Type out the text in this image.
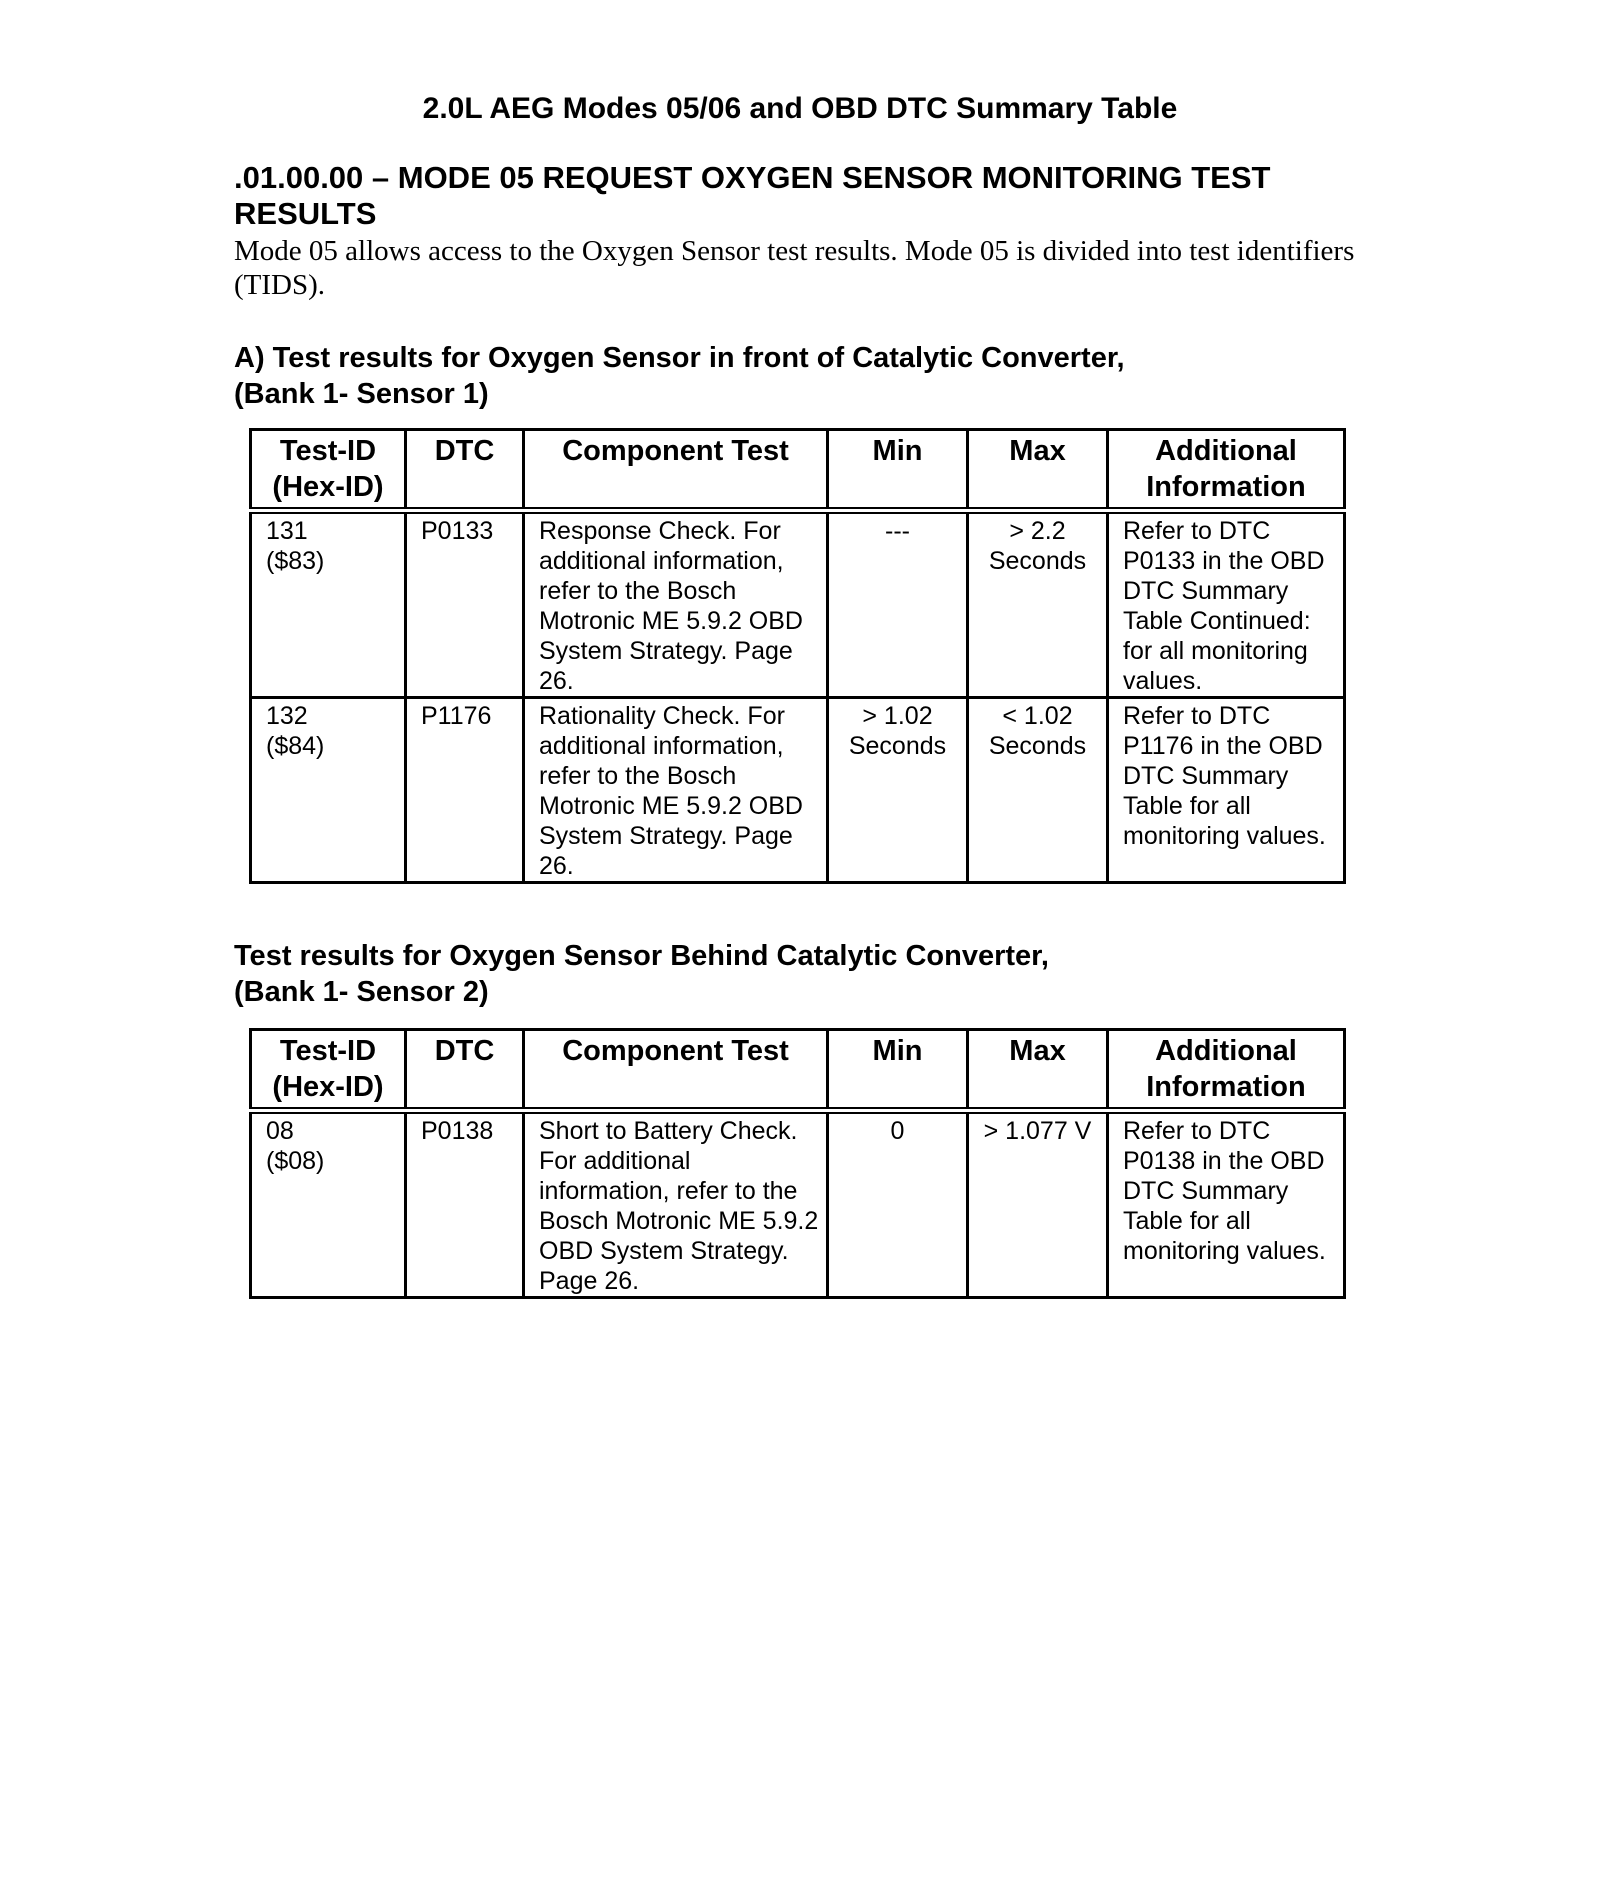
2.0L AEG Modes 05/06 and OBD DTC Summary Table
.01.00.00 – MODE 05 REQUEST OXYGEN SENSOR MONITORING TEST RESULTS

Mode 05 allows access to the Oxygen Sensor test results. Mode 05 is divided into test identifiers (TIDS).

A) Test results for Oxygen Sensor in front of Catalytic Converter,
(Bank 1- Sensor 1)
Test-ID (Hex-ID)	DTC	Component Test	Min	Max	Additional Information

131
($83)	P0133	Response Check. For additional information, refer to the Bosch Motronic ME 5.9.2 OBD System Strategy. Page 26.	---	> 2.2 Seconds	Refer to DTC P0133 in the OBD DTC Summary Table Continued: for all monitoring values.

132
($84)	P1176	Rationality Check. For additional information, refer to the Bosch Motronic ME 5.9.2 OBD System Strategy. Page 26.	> 1.02 Seconds	< 1.02 Seconds	Refer to DTC P1176 in the OBD DTC Summary Table for all monitoring values.
Test results for Oxygen Sensor Behind Catalytic Converter,
(Bank 1- Sensor 2)
Test-ID (Hex-ID)	DTC	Component Test	Min	Max	Additional Information

08
($08)	P0138	Short to Battery Check. For additional information, refer to the Bosch Motronic ME 5.9.2 OBD System Strategy. Page 26.	0	> 1.077 V	Refer to DTC P0138 in the OBD DTC Summary Table for all monitoring values.
